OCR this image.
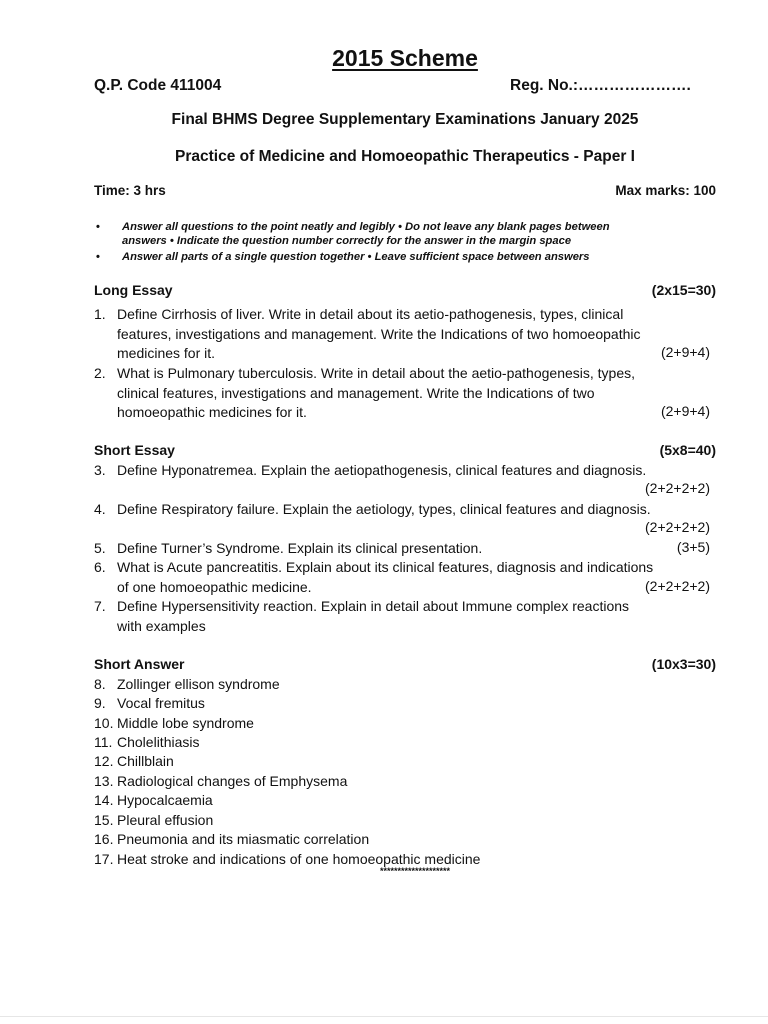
2015 Scheme
Q.P. Code 411004	Reg. No.:………………….
Final BHMS Degree Supplementary Examinations January 2025
Practice of Medicine and Homoeopathic Therapeutics - Paper I
Time: 3 hrs	Max marks: 100
• Answer all questions to the point neatly and legibly • Do not leave any blank pages between
answers • Indicate the question number correctly for the answer in the margin space
• Answer all parts of a single question together • Leave sufficient space between answers
Long Essay	(2x15=30)
1. Define Cirrhosis of liver. Write in detail about its aetio-pathogenesis, types, clinical
features, investigations and management. Write the Indications of two homoeopathic
medicines for it.	(2+9+4)
2. What is Pulmonary tuberculosis. Write in detail about the aetio-pathogenesis, types,
clinical features, investigations and management. Write the Indications of two
homoeopathic medicines for it.	(2+9+4)
Short Essay	(5x8=40)
3. Define Hyponatremea. Explain the aetiopathogenesis, clinical features and diagnosis.
(2+2+2+2)
4. Define Respiratory failure. Explain the aetiology, types, clinical features and diagnosis.
(2+2+2+2)
5. Define Turner’s Syndrome. Explain its clinical presentation.	(3+5)
6. What is Acute pancreatitis. Explain about its clinical features, diagnosis and indications
of one homoeopathic medicine.	(2+2+2+2)
7. Define Hypersensitivity reaction. Explain in detail about Immune complex reactions
with examples
Short Answer	(10x3=30)
8. Zollinger ellison syndrome
9. Vocal fremitus
10. Middle lobe syndrome
11. Cholelithiasis
12. Chillblain
13. Radiological changes of Emphysema
14. Hypocalcaemia
15. Pleural effusion
16. Pneumonia and its miasmatic correlation
17. Heat stroke and indications of one homoeopathic medicine
********************
